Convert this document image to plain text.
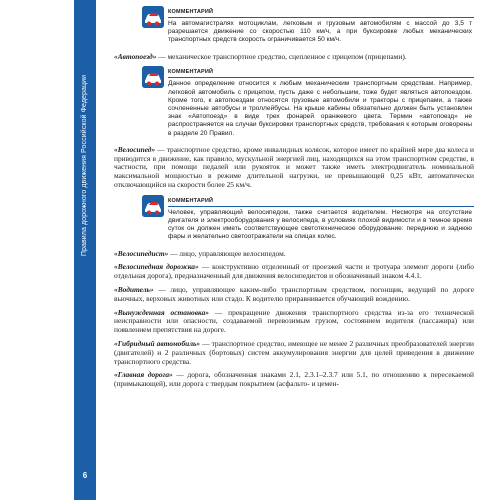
Правила дорожного движения Российской Федерации
6
КОММЕНТАРИЙ
На автомагистралях мотоциклам, легковым и грузовым автомобилям с массой до 3,5 т разрешается движение со скоростью 110 км/ч, а при буксировке любых механических транспортных средств скорость ограничивается 50 км/ч.
«Автопоезд» — механическое транспортное средство, сцепленное с прицепом (прицепами).
КОММЕНТАРИЙ
Данное определение относится к любым механическим транспортным средствам. Например, легковой автомобиль с прицепом, пусть даже с небольшим, тоже будет являться автопоездом. Кроме того, к автопоездам относятся грузовые автомобили и тракторы с прицепами, а также сочлененные автобусы и троллейбусы. На крыше кабины обязательно должен быть установлен знак «Автопоезд» в виде трех фонарей оранжевого цвета. Термин «автопоезд» не распространяется на случаи буксировки транспортных средств, требования к которым оговорены в разделе 20 Правил.
«Велосипед» — транспортное средство, кроме инвалидных колясок, которое имеет по крайней мере два колеса и приводится в движение, как правило, мускульной энергией лиц, находящихся на этом транспортном средстве, в частности, при помощи педалей или рукояток и может также иметь электродвигатель номинальной максимальной мощностью в режиме длительной нагрузки, не превышающей 0,25 кВт, автоматически отключающийся на скорости более 25 км/ч.
КОММЕНТАРИЙ
Человек, управляющий велосипедом, также считается водителем. Несмотря на отсутствие двигателя и электрооборудования у велосипеда, в условиях плохой видимости и в темное время суток он должен иметь соответствующее светотехническое оборудование: переднюю и заднюю фары и желательно светоотражатели на спицах колес.
«Велосипедист» — лицо, управляющее велосипедом.
«Велосипедная дорожка» — конструктивно отделенный от проезжей части и тротуара элемент дороги (либо отдельная дорога), предназначенный для движения велосипедистов и обозначенный знаком 4.4.1.
«Водитель» — лицо, управляющее каким-либо транспортным средством, погонщик, ведущий по дороге вьючных, верховых животных или стадо. К водителю приравнивается обучающий вождению.
«Вынужденная остановка» — прекращение движения транспортного средства из-за его технической неисправности или опасности, создаваемой перевозимым грузом, состоянием водителя (пассажира) или появлением препятствия на дороге.
«Гибридный автомобиль» — транспортное средство, имеющее не менее 2 различных преобразователей энергии (двигателей) и 2 различных (бортовых) систем аккумулирования энергии для целей приведения в движение транспортного средства.
«Главная дорога» — дорога, обозначенная знаками 2.1, 2.3.1–2.3.7 или 5.1, по отношению к пересекаемой (примыкающей), или дорога с твердым покрытием (асфальто- и цемен-
